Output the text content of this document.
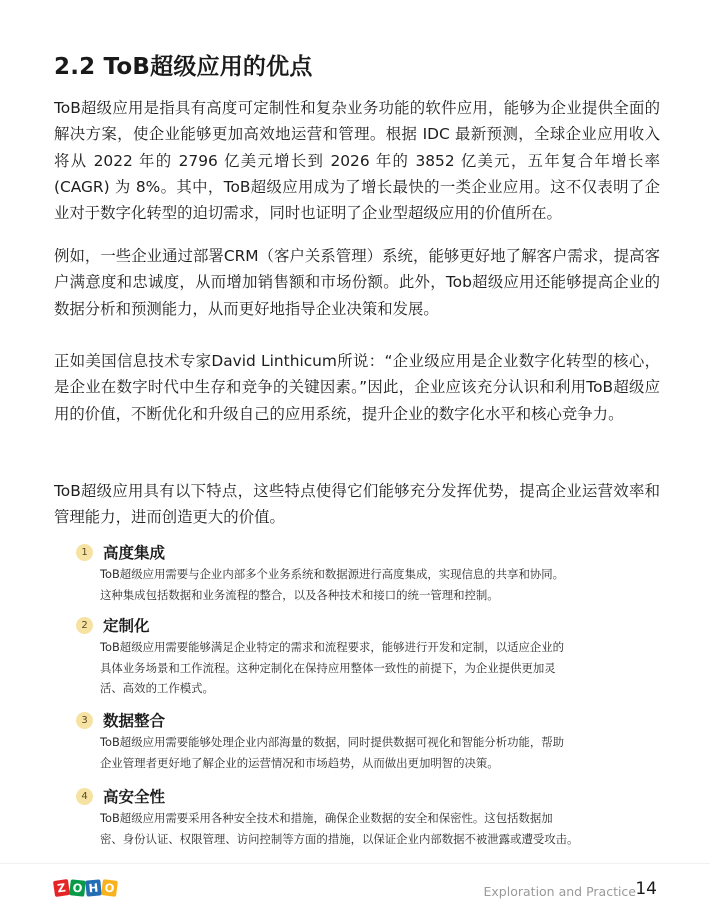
2.2 ToB超级应用的优点

ToB超级应用是指具有高度可定制性和复杂业务功能的软件应用，能够为企业提供全面的解决方案，使企业能够更加高效地运营和管理。根据 IDC 最新预测，全球企业应用收入将从 2022 年的 2796 亿美元增长到 2026 年的 3852 亿美元，五年复合年增长率(CAGR) 为 8%。其中，ToB超级应用成为了增长最快的一类企业应用。这不仅表明了企业对于数字化转型的迫切需求，同时也证明了企业型超级应用的价值所在。

例如，一些企业通过部署CRM（客户关系管理）系统，能够更好地了解客户需求，提高客户满意度和忠诚度，从而增加销售额和市场份额。此外，Tob超级应用还能够提高企业的数据分析和预测能力，从而更好地指导企业决策和发展。

正如美国信息技术专家David Linthicum所说：“企业级应用是企业数字化转型的核心，是企业在数字时代中生存和竞争的关键因素。”因此，企业应该充分认识和利用ToB超级应用的价值，不断优化和升级自己的应用系统，提升企业的数字化水平和核心竞争力。

ToB超级应用具有以下特点，这些特点使得它们能够充分发挥优势，提高企业运营效率和管理能力，进而创造更大的价值。

1 高度集成
ToB超级应用需要与企业内部多个业务系统和数据源进行高度集成，实现信息的共享和协同。
这种集成包括数据和业务流程的整合，以及各种技术和接口的统一管理和控制。
2 定制化
ToB超级应用需要能够满足企业特定的需求和流程要求，能够进行开发和定制，以适应企业的
具体业务场景和工作流程。这种定制化在保持应用整体一致性的前提下，为企业提供更加灵
活、高效的工作模式。
3 数据整合
ToB超级应用需要能够处理企业内部海量的数据，同时提供数据可视化和智能分析功能，帮助
企业管理者更好地了解企业的运营情况和市场趋势，从而做出更加明智的决策。
4 高安全性
ToB超级应用需要采用各种安全技术和措施，确保企业数据的安全和保密性。这包括数据加
密、身份认证、权限管理、访问控制等方面的措施，以保证企业内部数据不被泄露或遭受攻击。
Z O H O	Exploration and Practice 14
